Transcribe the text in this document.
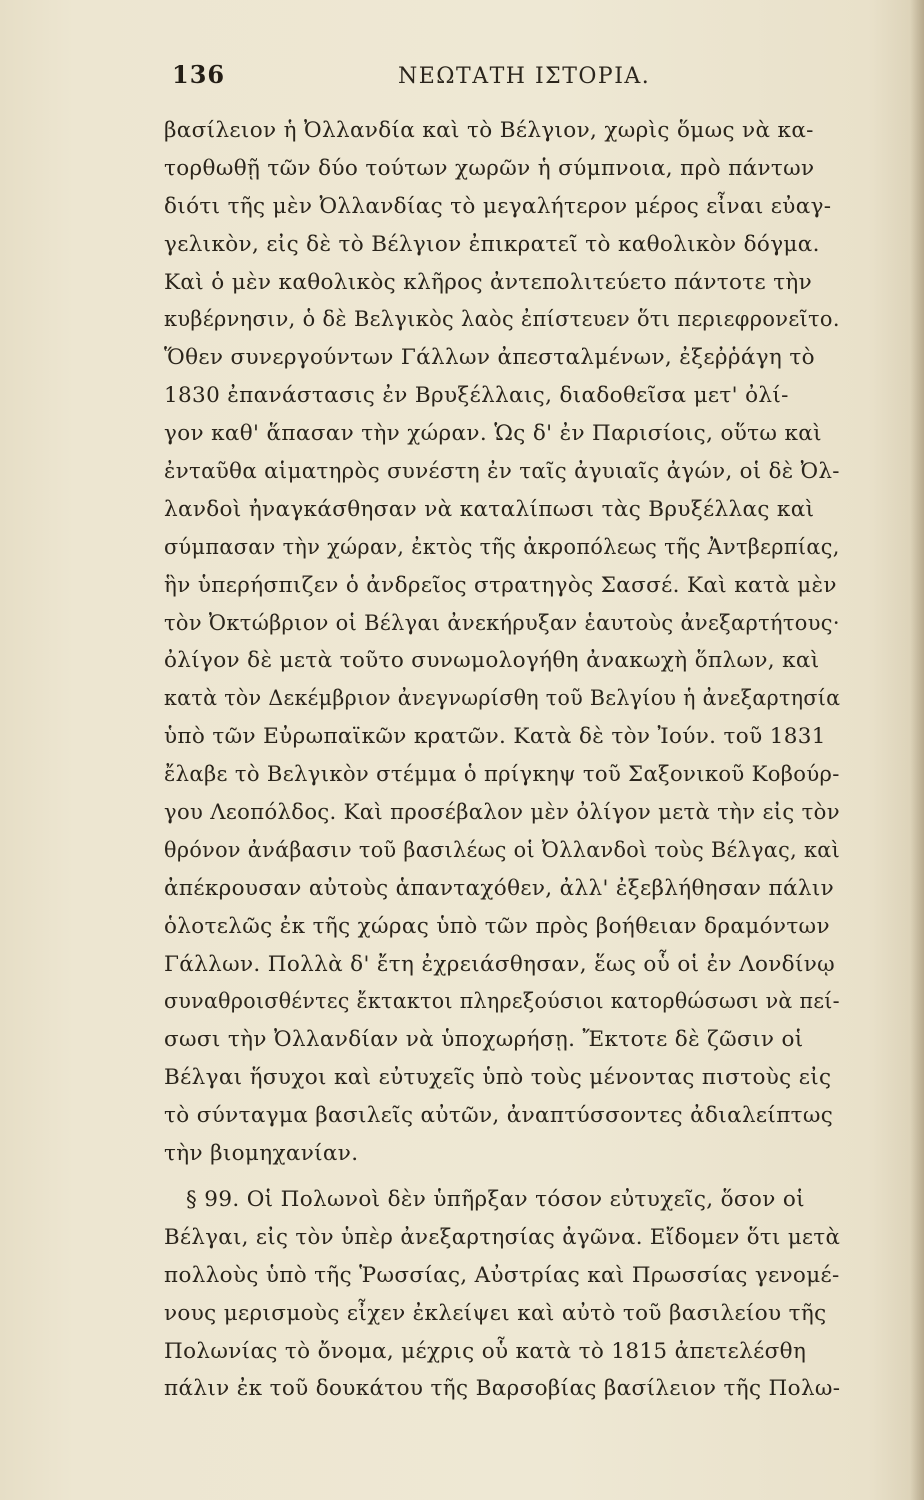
136	ΝΕΩΤΑΤΗ ΙΣΤΟΡΙΑ.
βασίλειον ἡ Ὀλλανδία καὶ τὸ Βέλγιον, χωρὶς ὅμως νὰ κα-
τορθωθῇ τῶν δύο τούτων χωρῶν ἡ σύμπνοια, πρὸ πάντων
διότι τῆς μὲν Ὀλλανδίας τὸ μεγαλήτερον μέρος εἶναι εὐαγ-
γελικὸν, εἰς δὲ τὸ Βέλγιον ἐπικρατεῖ τὸ καθολικὸν δόγμα.
Καὶ ὁ μὲν καθολικὸς κλῆρος ἀντεπολιτεύετο πάντοτε τὴν
κυβέρνησιν, ὁ δὲ Βελγικὸς λαὸς ἐπίστευεν ὅτι περιεφρονεῖτο.
Ὅθεν συνεργούντων Γάλλων ἀπεσταλμένων, ἐξεῤῥάγη τὸ
1830 ἐπανάστασις ἐν Βρυξέλλαις, διαδοθεῖσα μετ' ὀλί-
γον καθ' ἅπασαν τὴν χώραν. Ὡς δ' ἐν Παρισίοις, οὕτω καὶ
ἐνταῦθα αἱματηρὸς συνέστη ἐν ταῖς ἀγυιαῖς ἀγών, οἱ δὲ Ὀλ-
λανδοὶ ἠναγκάσθησαν νὰ καταλίπωσι τὰς Βρυξέλλας καὶ
σύμπασαν τὴν χώραν, ἐκτὸς τῆς ἀκροπόλεως τῆς Ἀντβερπίας,
ἣν ὑπερήσπιζεν ὁ ἀνδρεῖος στρατηγὸς Σασσέ. Καὶ κατὰ μὲν
τὸν Ὀκτώβριον οἱ Βέλγαι ἀνεκήρυξαν ἑαυτοὺς ἀνεξαρτήτους·
ὀλίγον δὲ μετὰ τοῦτο συνωμολογήθη ἀνακωχὴ ὅπλων, καὶ
κατὰ τὸν Δεκέμβριον ἀνεγνωρίσθη τοῦ Βελγίου ἡ ἀνεξαρτησία
ὑπὸ τῶν Εὐρωπαϊκῶν κρατῶν. Κατὰ δὲ τὸν Ἰούν. τοῦ 1831
ἔλαβε τὸ Βελγικὸν στέμμα ὁ πρίγκηψ τοῦ Σαξονικοῦ Κοβούρ-
γου Λεοπόλδος. Καὶ προσέβαλον μὲν ὀλίγον μετὰ τὴν εἰς τὸν
θρόνον ἀνάβασιν τοῦ βασιλέως οἱ Ὀλλανδοὶ τοὺς Βέλγας, καὶ
ἀπέκρουσαν αὐτοὺς ἁπανταχόθεν, ἀλλ' ἐξεβλήθησαν πάλιν
ὁλοτελῶς ἐκ τῆς χώρας ὑπὸ τῶν πρὸς βοήθειαν δραμόντων
Γάλλων. Πολλὰ δ' ἔτη ἐχρειάσθησαν, ἕως οὗ οἱ ἐν Λονδίνῳ
συναθροισθέντες ἔκτακτοι πληρεξούσιοι κατορθώσωσι νὰ πεί-
σωσι τὴν Ὀλλανδίαν νὰ ὑποχωρήσῃ. Ἔκτοτε δὲ ζῶσιν οἱ
Βέλγαι ἥσυχοι καὶ εὐτυχεῖς ὑπὸ τοὺς μένοντας πιστοὺς εἰς
τὸ σύνταγμα βασιλεῖς αὐτῶν, ἀναπτύσσοντες ἀδιαλείπτως
τὴν βιομηχανίαν.
§ 99. Οἱ Πολωνοὶ δὲν ὑπῆρξαν τόσον εὐτυχεῖς, ὅσον οἱ
Βέλγαι, εἰς τὸν ὑπὲρ ἀνεξαρτησίας ἀγῶνα. Εἴδομεν ὅτι μετὰ
πολλοὺς ὑπὸ τῆς Ῥωσσίας, Αὐστρίας καὶ Πρωσσίας γενομέ-
νους μερισμοὺς εἶχεν ἐκλείψει καὶ αὐτὸ τοῦ βασιλείου τῆς
Πολωνίας τὸ ὄνομα, μέχρις οὗ κατὰ τὸ 1815 ἀπετελέσθη
πάλιν ἐκ τοῦ δουκάτου τῆς Βαρσοβίας βασίλειον τῆς Πολω-
